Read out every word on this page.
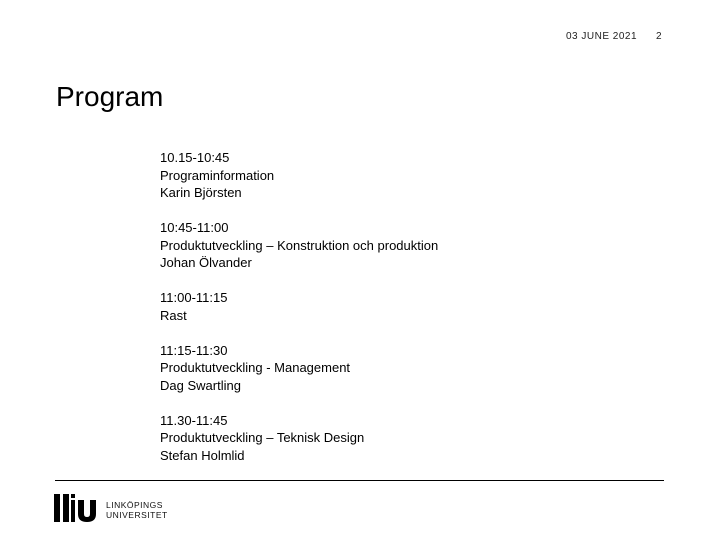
03 JUNE 2021 2
Program
10.15-10:45
Programinformation
Karin Björsten
10:45-11:00
Produktutveckling – Konstruktion och produktion
Johan Ölvander
11:00-11:15
Rast
11:15-11:30
Produktutveckling - Management
Dag Swartling
11.30-11:45
Produktutveckling – Teknisk Design
Stefan Holmlid
LINKÖPINGS
UNIVERSITET
